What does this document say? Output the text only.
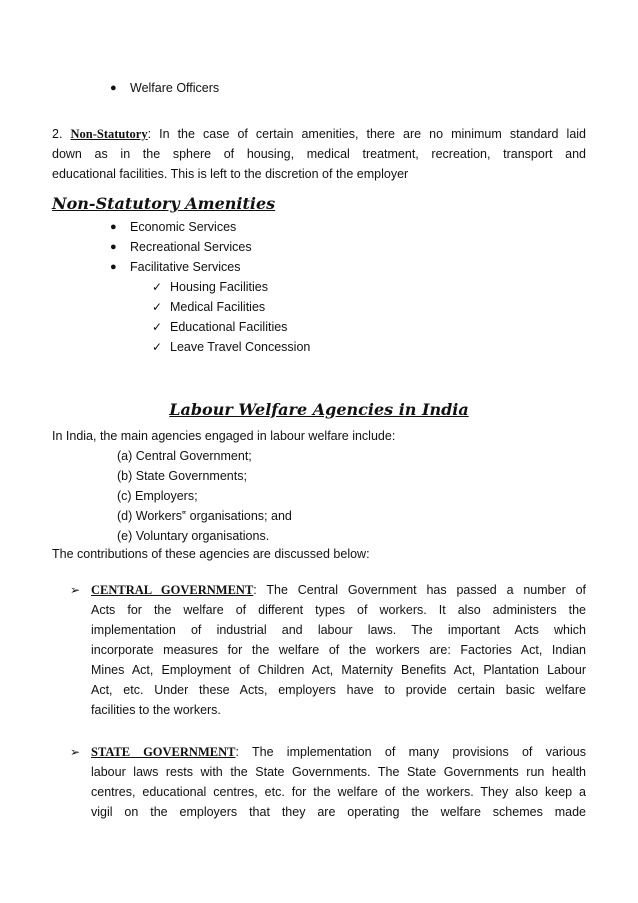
● Welfare Officers
2. Non-Statutory: In the case of certain amenities, there are no minimum standard laid
down as in the sphere of housing, medical treatment, recreation, transport and
educational facilities. This is left to the discretion of the employer
Non-Statutory Amenities
● Economic Services
● Recreational Services
● Facilitative Services
✓ Housing Facilities
✓ Medical Facilities
✓ Educational Facilities
✓ Leave Travel Concession
Labour Welfare Agencies in India
In India, the main agencies engaged in labour welfare include:
(a) Central Government;
(b) State Governments;
(c) Employers;
(d) Workers‟ organisations; and
(e) Voluntary organisations.
The contributions of these agencies are discussed below:
➢ CENTRAL GOVERNMENT: The Central Government has passed a number of
Acts for the welfare of different types of workers. It also administers the
implementation of industrial and labour laws. The important Acts which
incorporate measures for the welfare of the workers are: Factories Act, Indian
Mines Act, Employment of Children Act, Maternity Benefits Act, Plantation Labour
Act, etc. Under these Acts, employers have to provide certain basic welfare
facilities to the workers.
➢ STATE GOVERNMENT: The implementation of many provisions of various
labour laws rests with the State Governments. The State Governments run health
centres, educational centres, etc. for the welfare of the workers. They also keep a
vigil on the employers that they are operating the welfare schemes made
